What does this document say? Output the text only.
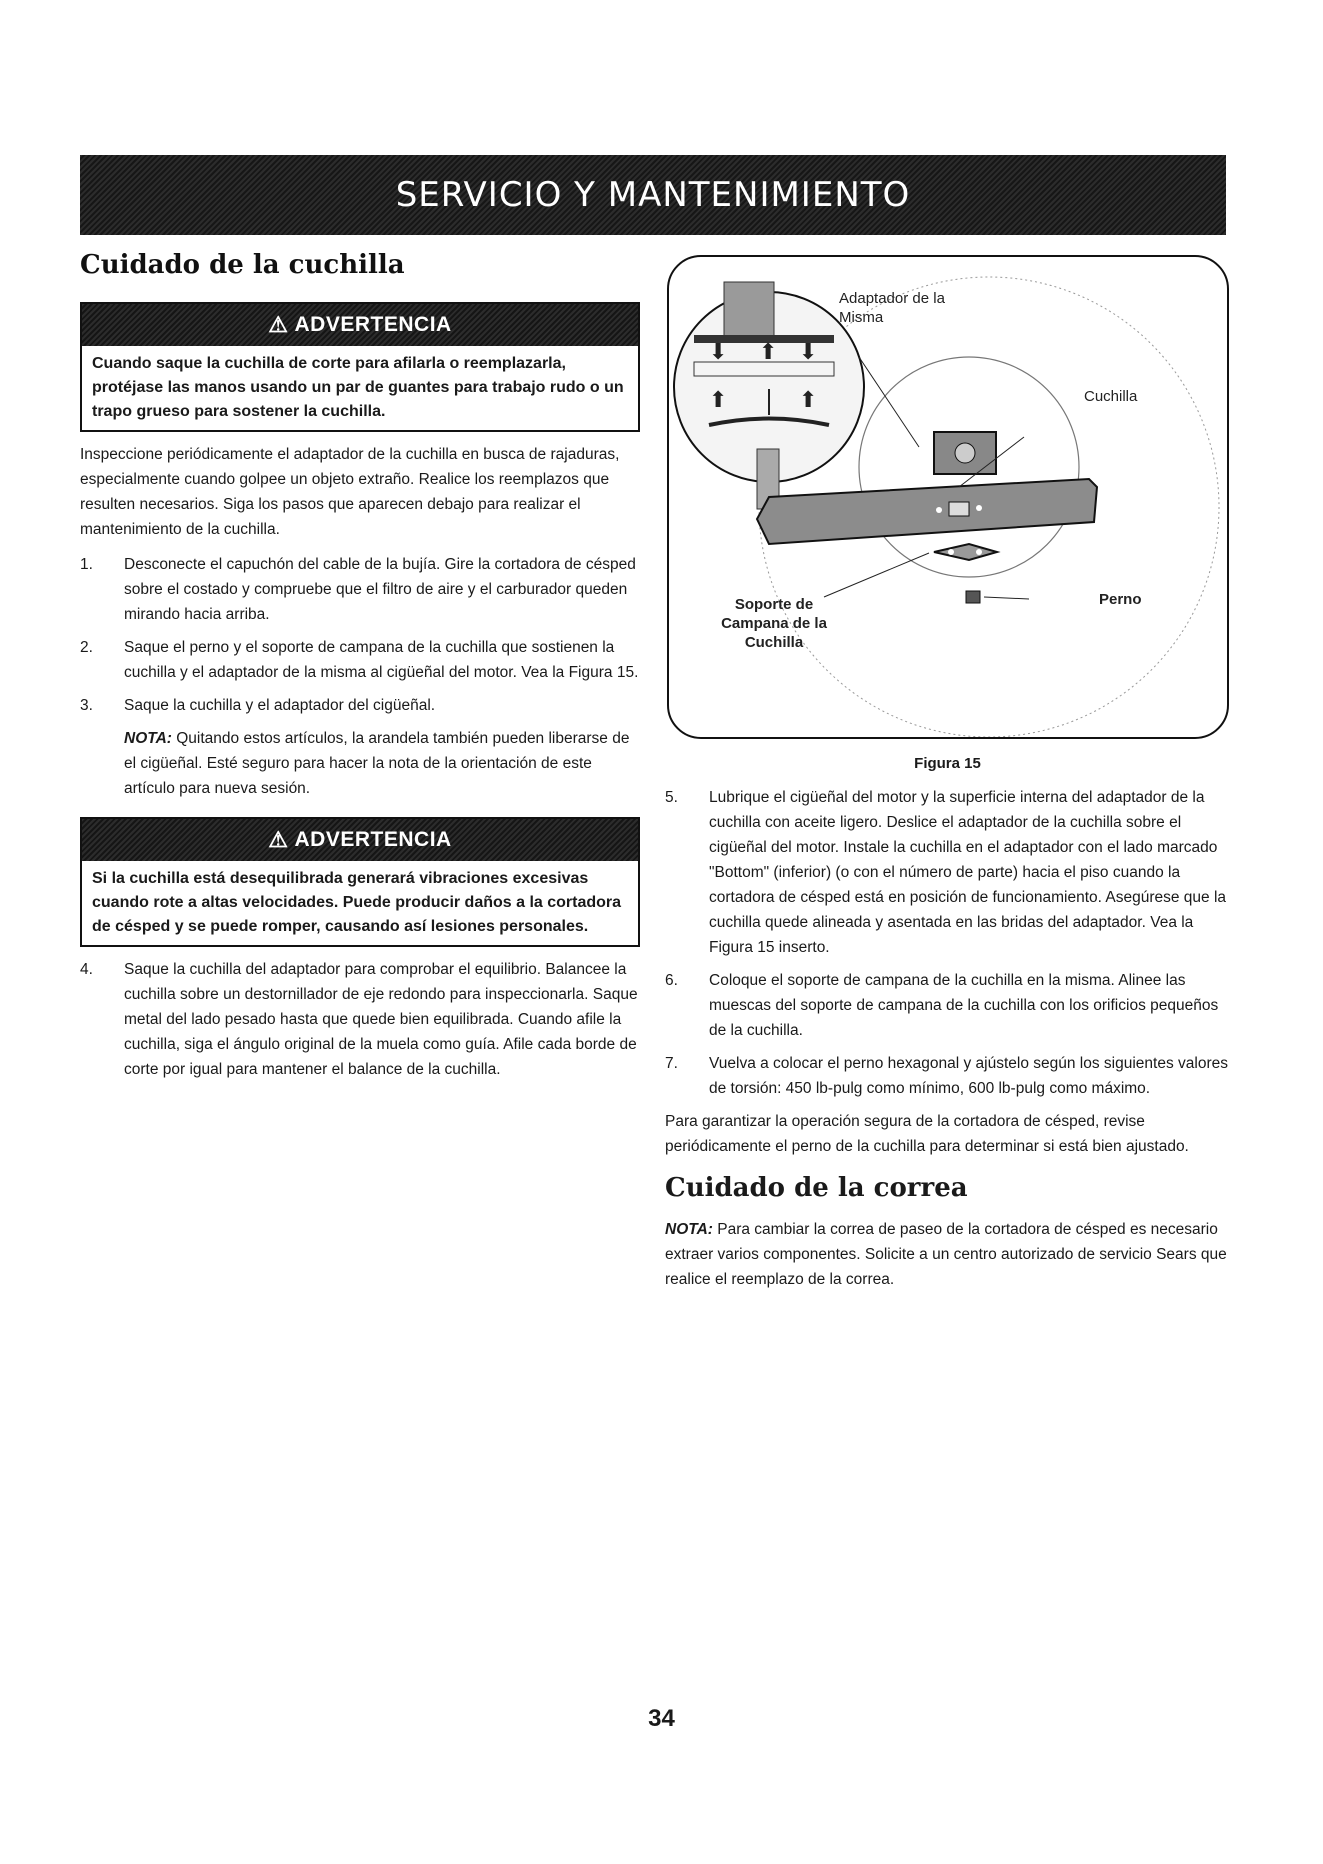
SERVICIO Y MANTENIMIENTO
Cuidado de la cuchilla
⚠ ADVERTENCIA
Cuando saque la cuchilla de corte para afilarla o reemplazarla, protéjase las manos usando un par de guantes para trabajo rudo o un trapo grueso para sostener la cuchilla.

Inspeccione periódicamente el adaptador de la cuchilla en busca de rajaduras, especialmente cuando golpee un objeto extraño. Realice los reemplazos que resulten necesarios. Siga los pasos que aparecen debajo para realizar el mantenimiento de la cuchilla.

1.	Desconecte el capuchón del cable de la bujía. Gire la cortadora de césped sobre el costado y compruebe que el filtro de aire y el carburador queden mirando hacia arriba.
2.	Saque el perno y el soporte de campana de la cuchilla que sostienen la cuchilla y el adaptador de la misma al cigüeñal del motor. Vea la Figura 15.
3.	Saque la cuchilla y el adaptador del cigüeñal.
NOTA: Quitando estos artículos, la arandela también pueden liberarse de el cigüeñal. Esté seguro para hacer la nota de la orientación de este artículo para nueva sesión.
⚠ ADVERTENCIA
Si la cuchilla está desequilibrada generará vibraciones excesivas cuando rote a altas velocidades. Puede producir daños a la cortadora de césped y se puede romper, causando así lesiones personales.
4.	Saque la cuchilla del adaptador para comprobar el equilibrio. Balancee la cuchilla sobre un destornillador de eje redondo para inspeccionarla. Saque metal del lado pesado hasta que quede bien equilibrada. Cuando afile la cuchilla, siga el ángulo original de la muela como guía. Afile cada borde de corte por igual para mantener el balance de la cuchilla.
⬇ ⬆ ⬇
⬆	⬆
Adaptador de la Misma
Cuchilla
Soporte de Campana de la Cuchilla
Perno
Figura 15
5.	Lubrique el cigüeñal del motor y la superficie interna del adaptador de la cuchilla con aceite ligero. Deslice el adaptador de la cuchilla sobre el cigüeñal del motor. Instale la cuchilla en el adaptador con el lado marcado "Bottom" (inferior) (o con el número de parte) hacia el piso cuando la cortadora de césped está en posición de funcionamiento. Asegúrese que la cuchilla quede alineada y asentada en las bridas del adaptador. Vea la Figura 15 inserto.
6.	Coloque el soporte de campana de la cuchilla en la misma. Alinee las muescas del soporte de campana de la cuchilla con los orificios pequeños de la cuchilla.
7.	Vuelva a colocar el perno hexagonal y ajústelo según los siguientes valores de torsión: 450 lb-pulg como mínimo, 600 lb-pulg como máximo.

Para garantizar la operación segura de la cortadora de césped, revise periódicamente el perno de la cuchilla para determinar si está bien ajustado.

Cuidado de la correa

NOTA: Para cambiar la correa de paseo de la cortadora de césped es necesario extraer varios componentes. Solicite a un centro autorizado de servicio Sears que realice el reemplazo de la correa.

34
